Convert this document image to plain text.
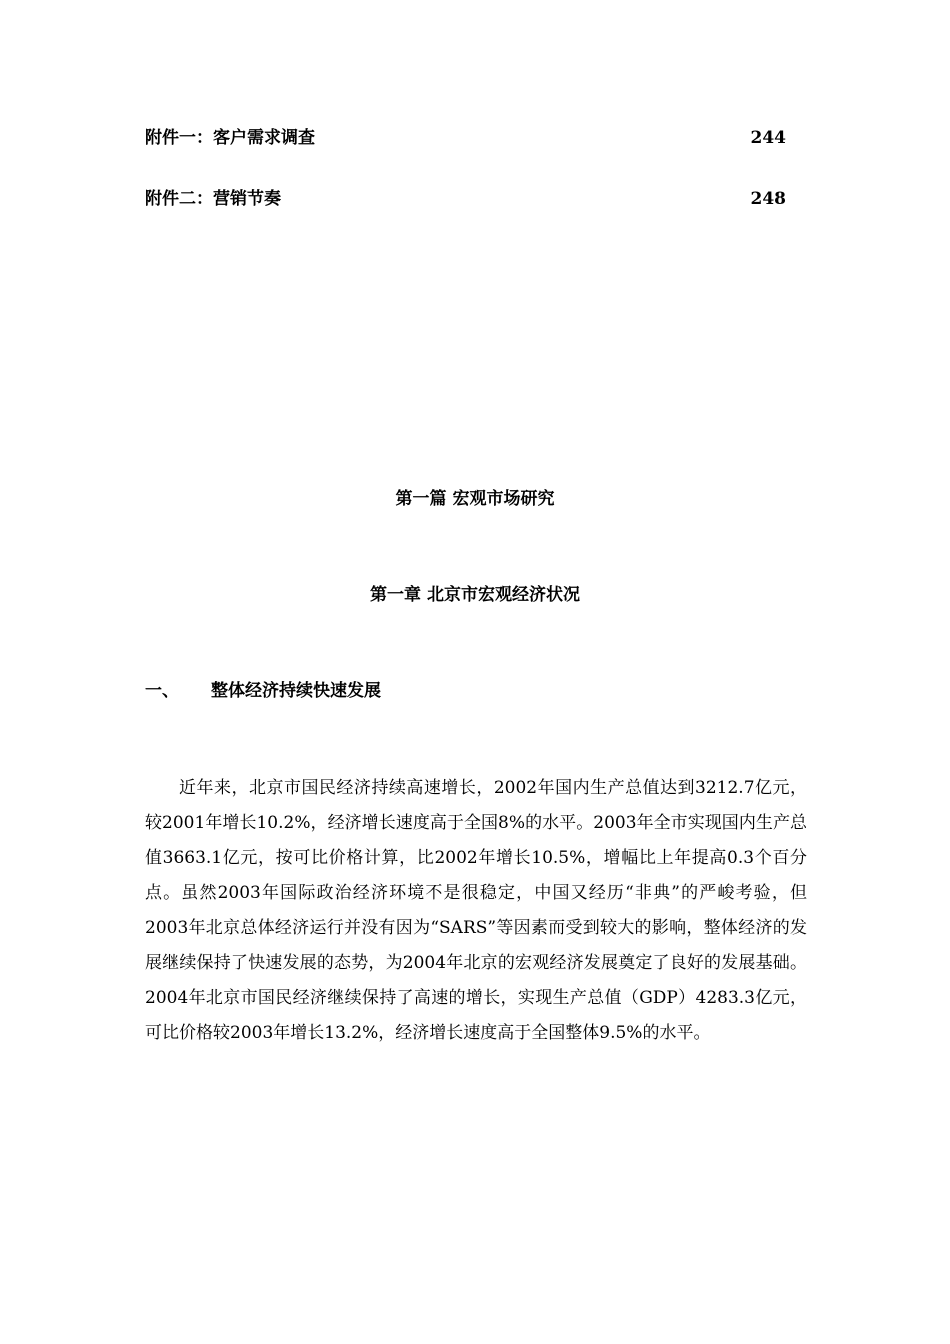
附件一：客户需求调查	244
附件二：营销节奏	248
第一篇 宏观市场研究
第一章 北京市宏观经济状况
一、 整体经济持续快速发展

近年来，北京市国民经济持续高速增长，2002年国内生产总值达到3212.7亿元，较2001年增长10.2%，经济增长速度高于全国8%的水平。2003年全市实现国内生产总值3663.1亿元，按可比价格计算，比2002年增长10.5%，增幅比上年提高0.3个百分点。虽然2003年国际政治经济环境不是很稳定，中国又经历“非典”的严峻考验，但2003年北京总体经济运行并没有因为“SARS”等因素而受到较大的影响，整体经济的发展继续保持了快速发展的态势，为2004年北京的宏观经济发展奠定了良好的发展基础。2004年北京市国民经济继续保持了高速的增长，实现生产总值（GDP）4283.3亿元，可比价格较2003年增长13.2%，经济增长速度高于全国整体9.5%的水平。
